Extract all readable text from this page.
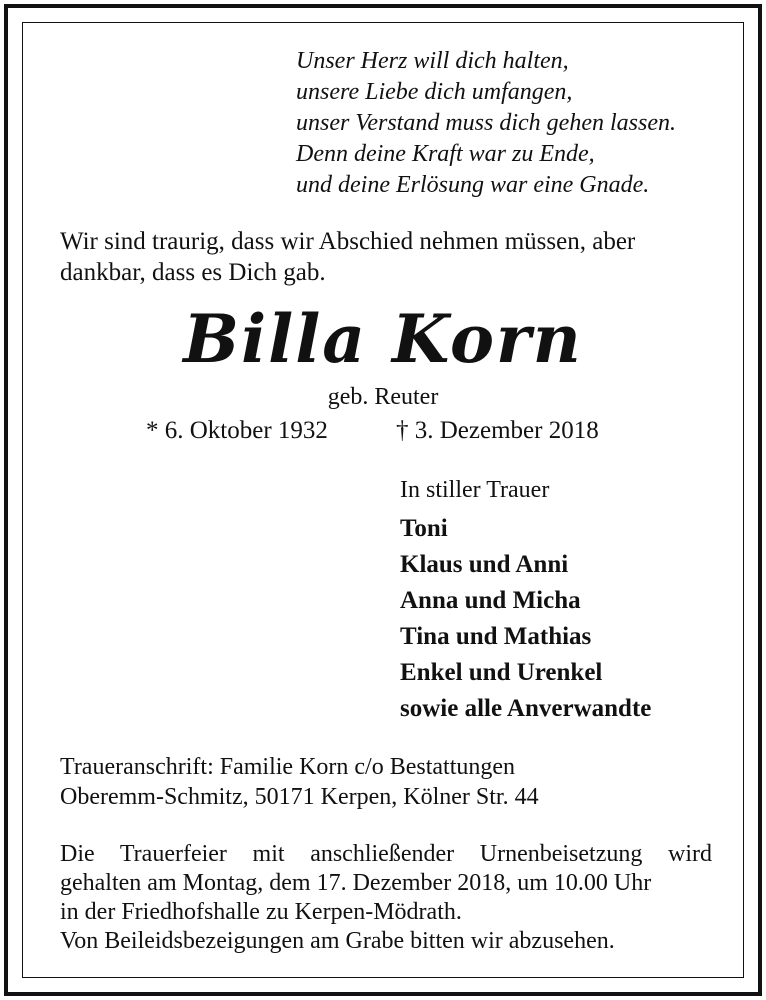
Unser Herz will dich halten,
unsere Liebe dich umfangen,
unser Verstand muss dich gehen lassen.
Denn deine Kraft war zu Ende,
und deine Erlösung war eine Gnade.

Wir sind traurig, dass wir Abschied nehmen müssen, aber
dankbar, dass es Dich gab.

Billa Korn
geb. Reuter
* 6. Oktober 1932	† 3. Dezember 2018
In stiller Trauer
Toni
Klaus und Anni
Anna und Micha
Tina und Mathias
Enkel und Urenkel
sowie alle Anverwandte

Traueranschrift: Familie Korn c/o Bestattungen
Oberemm-Schmitz, 50171 Kerpen, Kölner Str. 44

Die Trauerfeier mit anschließender Urnenbeisetzung wird
gehalten am Montag, dem 17. Dezember 2018, um 10.00 Uhr
in der Friedhofshalle zu Kerpen-Mödrath.
Von Beileidsbezeigungen am Grabe bitten wir abzusehen.
